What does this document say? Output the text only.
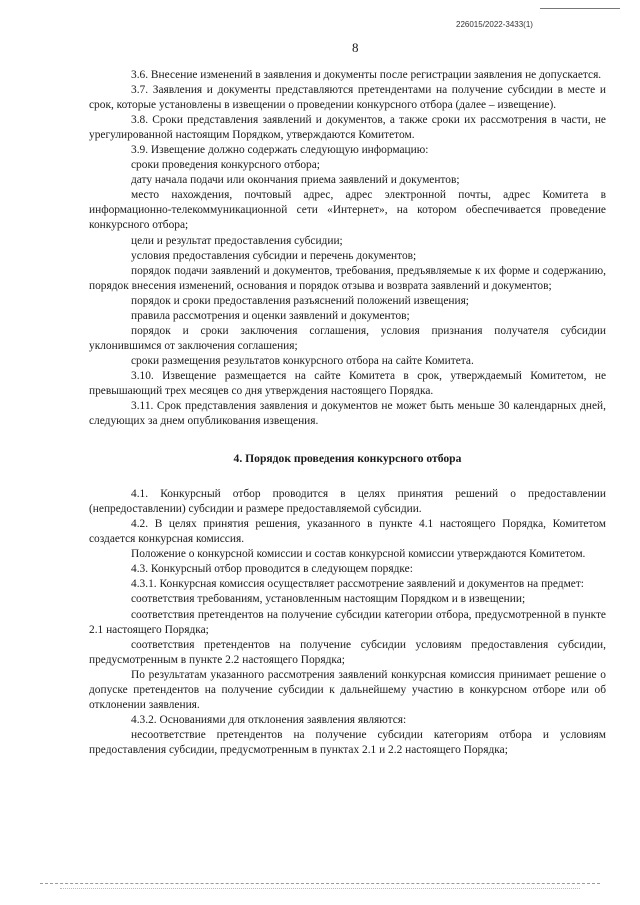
226015/2022-3433(1)
8

3.6. Внесение изменений в заявления и документы после регистрации заявления не допускается.

3.7. Заявления и документы представляются претендентами на получение субсидии в месте и срок, которые установлены в извещении о проведении конкурсного отбора (далее – извещение).

3.8. Сроки представления заявлений и документов, а также сроки их рассмотрения в части, не урегулированной настоящим Порядком, утверждаются Комитетом.

3.9. Извещение должно содержать следующую информацию:

сроки проведения конкурсного отбора;

дату начала подачи или окончания приема заявлений и документов;

место нахождения, почтовый адрес, адрес электронной почты, адрес Комитета в информационно-телекоммуникационной сети «Интернет», на котором обеспечивается проведение конкурсного отбора;

цели и результат предоставления субсидии;

условия предоставления субсидии и перечень документов;

порядок подачи заявлений и документов, требования, предъявляемые к их форме и содержанию, порядок внесения изменений, основания и порядок отзыва и возврата заявлений и документов;

порядок и сроки предоставления разъяснений положений извещения;

правила рассмотрения и оценки заявлений и документов;

порядок и сроки заключения соглашения, условия признания получателя субсидии уклонившимся от заключения соглашения;

сроки размещения результатов конкурсного отбора на сайте Комитета.

3.10. Извещение размещается на сайте Комитета в срок, утверждаемый Комитетом, не превышающий трех месяцев со дня утверждения настоящего Порядка.

3.11. Срок представления заявления и документов не может быть меньше 30 календарных дней, следующих за днем опубликования извещения.

4. Порядок проведения конкурсного отбора

4.1. Конкурсный отбор проводится в целях принятия решений о предоставлении (непредоставлении) субсидии и размере предоставляемой субсидии.

4.2. В целях принятия решения, указанного в пункте 4.1 настоящего Порядка, Комитетом создается конкурсная комиссия.

Положение о конкурсной комиссии и состав конкурсной комиссии утверждаются Комитетом.

4.3. Конкурсный отбор проводится в следующем порядке:

4.3.1. Конкурсная комиссия осуществляет рассмотрение заявлений и документов на предмет:

соответствия требованиям, установленным настоящим Порядком и в извещении;

соответствия претендентов на получение субсидии категории отбора, предусмотренной в пункте 2.1 настоящего Порядка;

соответствия претендентов на получение субсидии условиям предоставления субсидии, предусмотренным в пункте 2.2 настоящего Порядка;

По результатам указанного рассмотрения заявлений конкурсная комиссия принимает решение о допуске претендентов на получение субсидии к дальнейшему участию в конкурсном отборе или об отклонении заявления.

4.3.2. Основаниями для отклонения заявления являются:

несоответствие претендентов на получение субсидии категориям отбора и условиям предоставления субсидии, предусмотренным в пунктах 2.1 и 2.2 настоящего Порядка;
